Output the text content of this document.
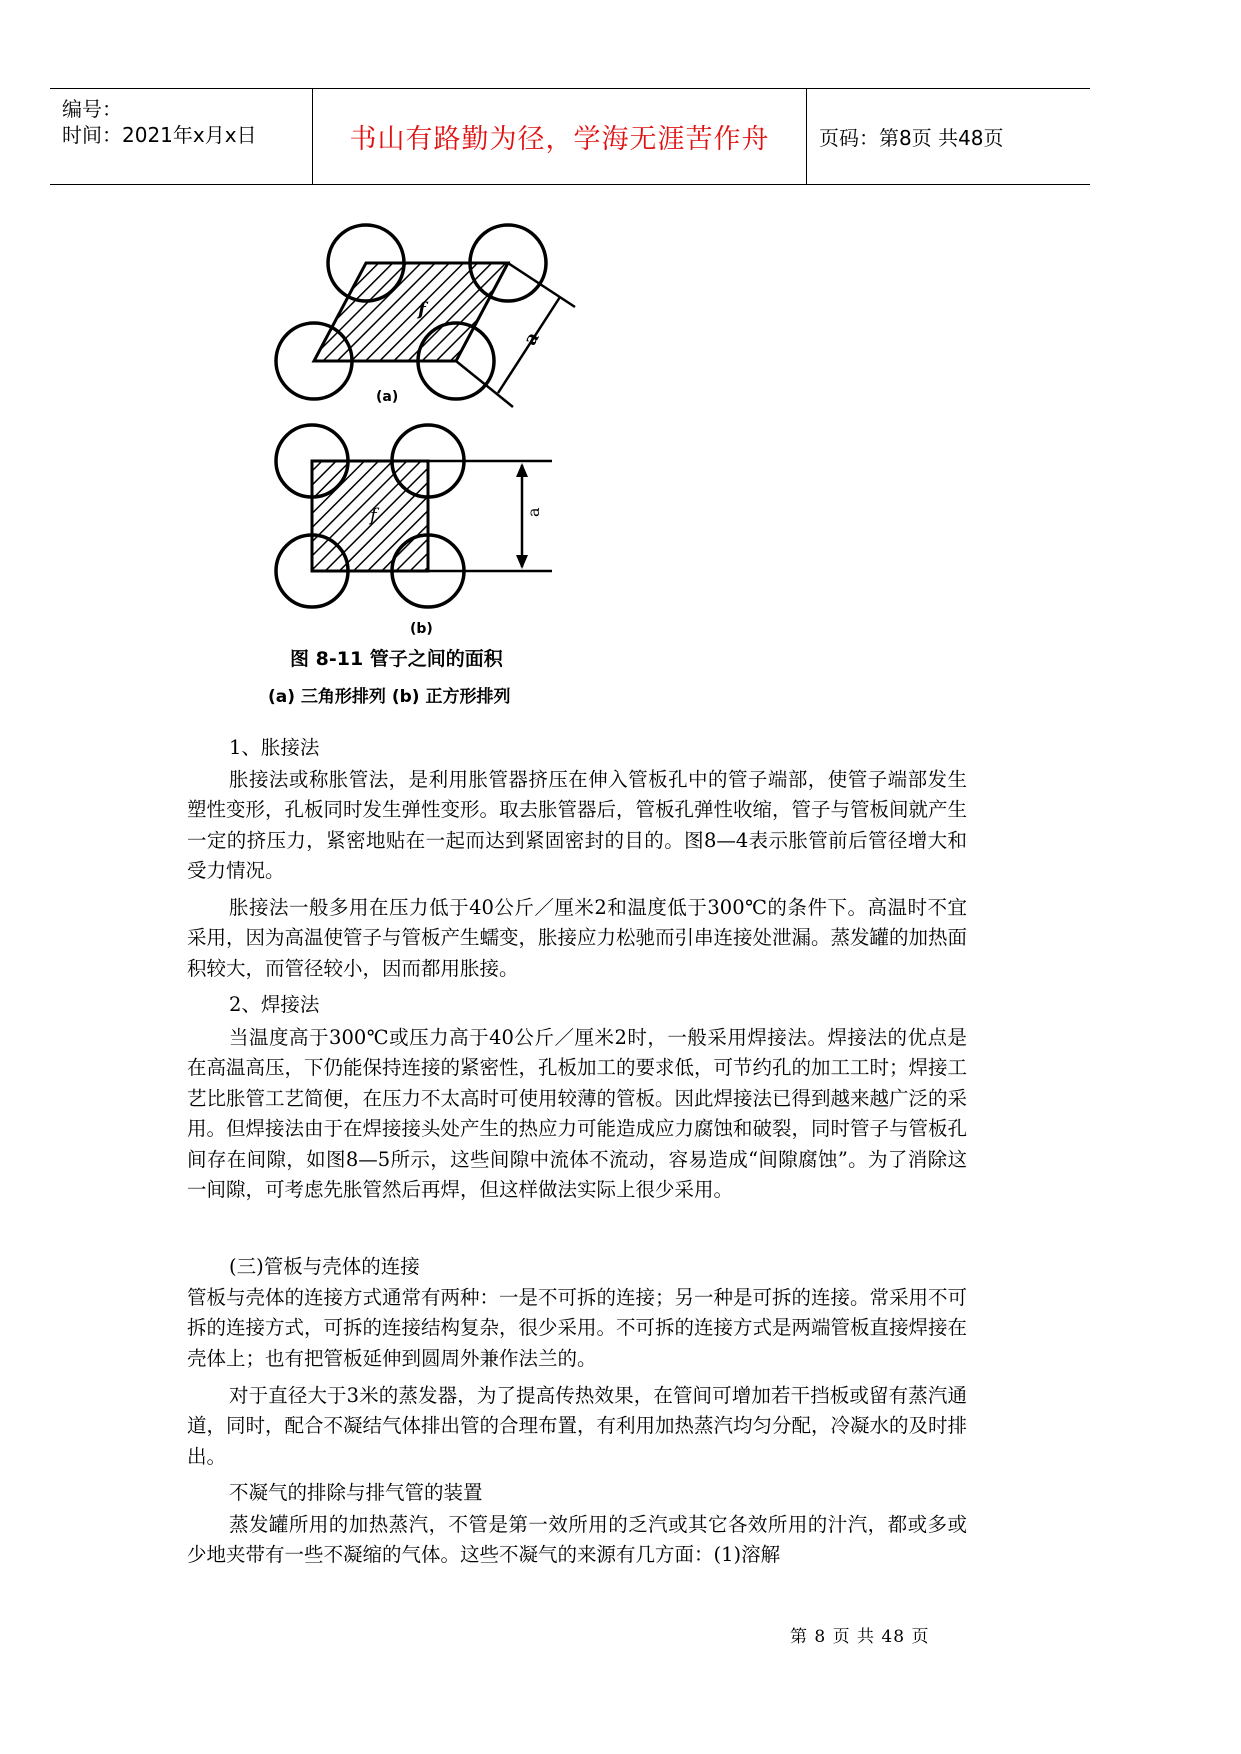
编号：
时间：2021年x月x日	书山有路勤为径，学海无涯苦作舟 页码：第8页 共48页
f
a
(a)
f	a
(b)
图 8-11 管子之间的面积
(a) 三角形排列 (b) 正方形排列
1、胀接法
胀接法或称胀管法，是利用胀管器挤压在伸入管板孔中的管子端部，使管子端部发生塑性变形，孔板同时发生弹性变形。取去胀管器后，管板孔弹性收缩，管子与管板间就产生一定的挤压力，紧密地贴在一起而达到紧固密封的目的。图8—4表示胀管前后管径增大和受力情况。
胀接法一般多用在压力低于40公斤／厘米2和温度低于300℃的条件下。高温时不宜采用，因为高温使管子与管板产生蠕变，胀接应力松驰而引串连接处泄漏。蒸发罐的加热面积较大，而管径较小，因而都用胀接。
2、焊接法
当温度高于300℃或压力高于40公斤／厘米2时，一般采用焊接法。焊接法的优点是在高温高压，下仍能保持连接的紧密性，孔板加工的要求低，可节约孔的加工工时；焊接工艺比胀管工艺简便，在压力不太高时可使用较薄的管板。因此焊接法已得到越来越广泛的采用。但焊接法由于在焊接接头处产生的热应力可能造成应力腐蚀和破裂，同时管子与管板孔间存在间隙，如图8—5所示，这些间隙中流体不流动，容易造成“间隙腐蚀”。为了消除这一间隙，可考虑先胀管然后再焊，但这样做法实际上很少采用。
(三)管板与壳体的连接
管板与壳体的连接方式通常有两种：一是不可拆的连接；另一种是可拆的连接。常采用不可拆的连接方式，可拆的连接结构复杂，很少采用。不可拆的连接方式是两端管板直接焊接在壳体上；也有把管板延伸到圆周外兼作法兰的。
对于直径大于3米的蒸发器，为了提高传热效果，在管间可增加若干挡板或留有蒸汽通道，同时，配合不凝结气体排出管的合理布置，有利用加热蒸汽均匀分配，冷凝水的及时排出。
不凝气的排除与排气管的装置
蒸发罐所用的加热蒸汽，不管是第一效所用的乏汽或其它各效所用的汁汽，都或多或少地夹带有一些不凝缩的气体。这些不凝气的来源有几方面：(1)溶解
第 8 页 共 48 页
